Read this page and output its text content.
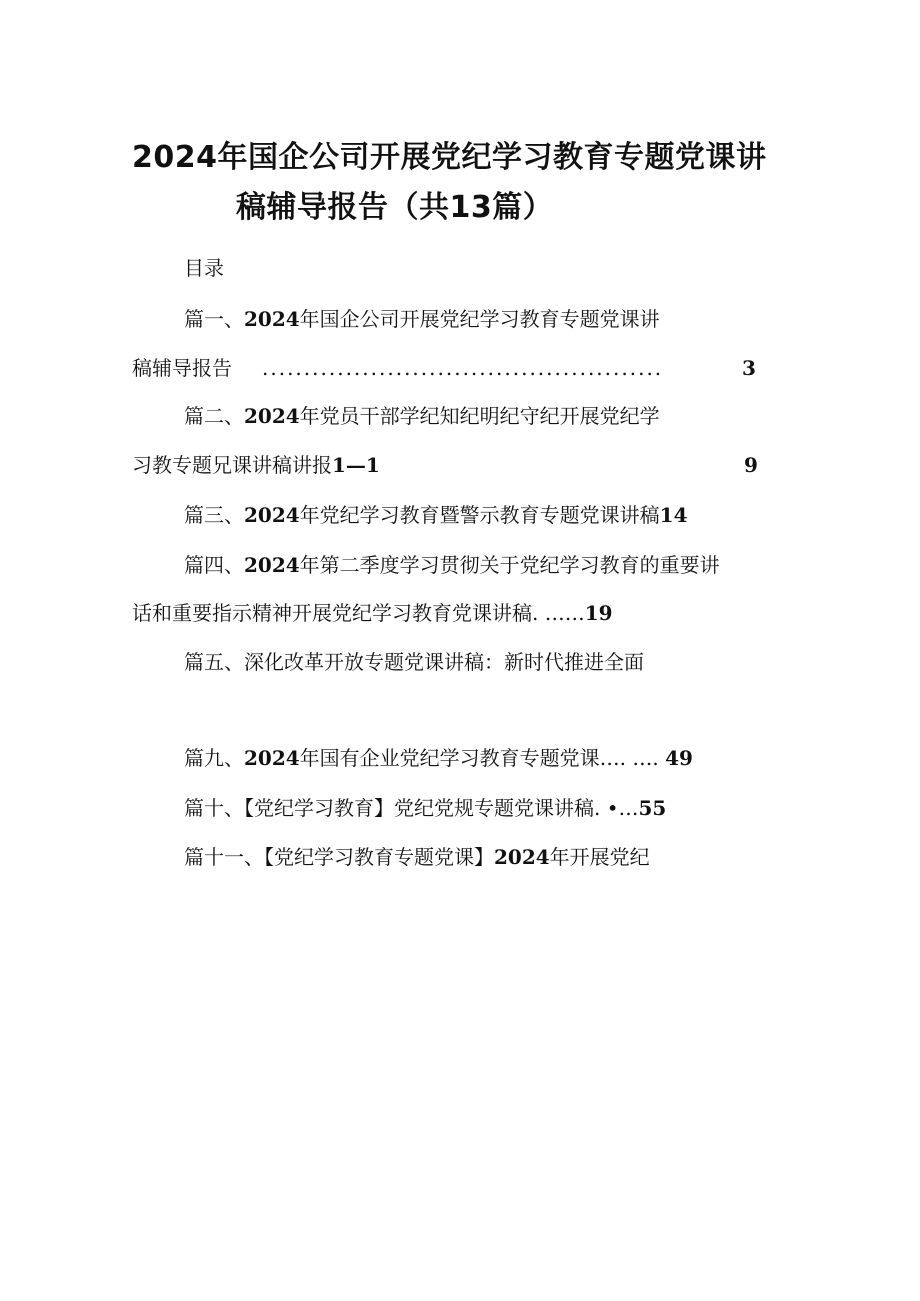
2024年国企公司开展党纪学习教育专题党课讲
稿辅导报告（共13篇）
目录
篇一、2024年国企公司开展党纪学习教育专题党课讲
稿辅导报告 ................................................	3
篇二、2024年党员干部学纪知纪明纪守纪开展党纪学
习教专题兄课讲稿讲报1—1	9
篇三、2024年党纪学习教育暨警示教育专题党课讲稿14
篇四、2024年第二季度学习贯彻关于党纪学习教育的重要讲
话和重要指示精神开展党纪学习教育党课讲稿. ……19
篇五、深化改革开放专题党课讲稿：新时代推进全面
篇九、2024年国有企业党纪学习教育专题党课…. …. 49
篇十、【党纪学习教育】党纪党规专题党课讲稿. •…55
篇十一、【党纪学习教育专题党课】2024年开展党纪
